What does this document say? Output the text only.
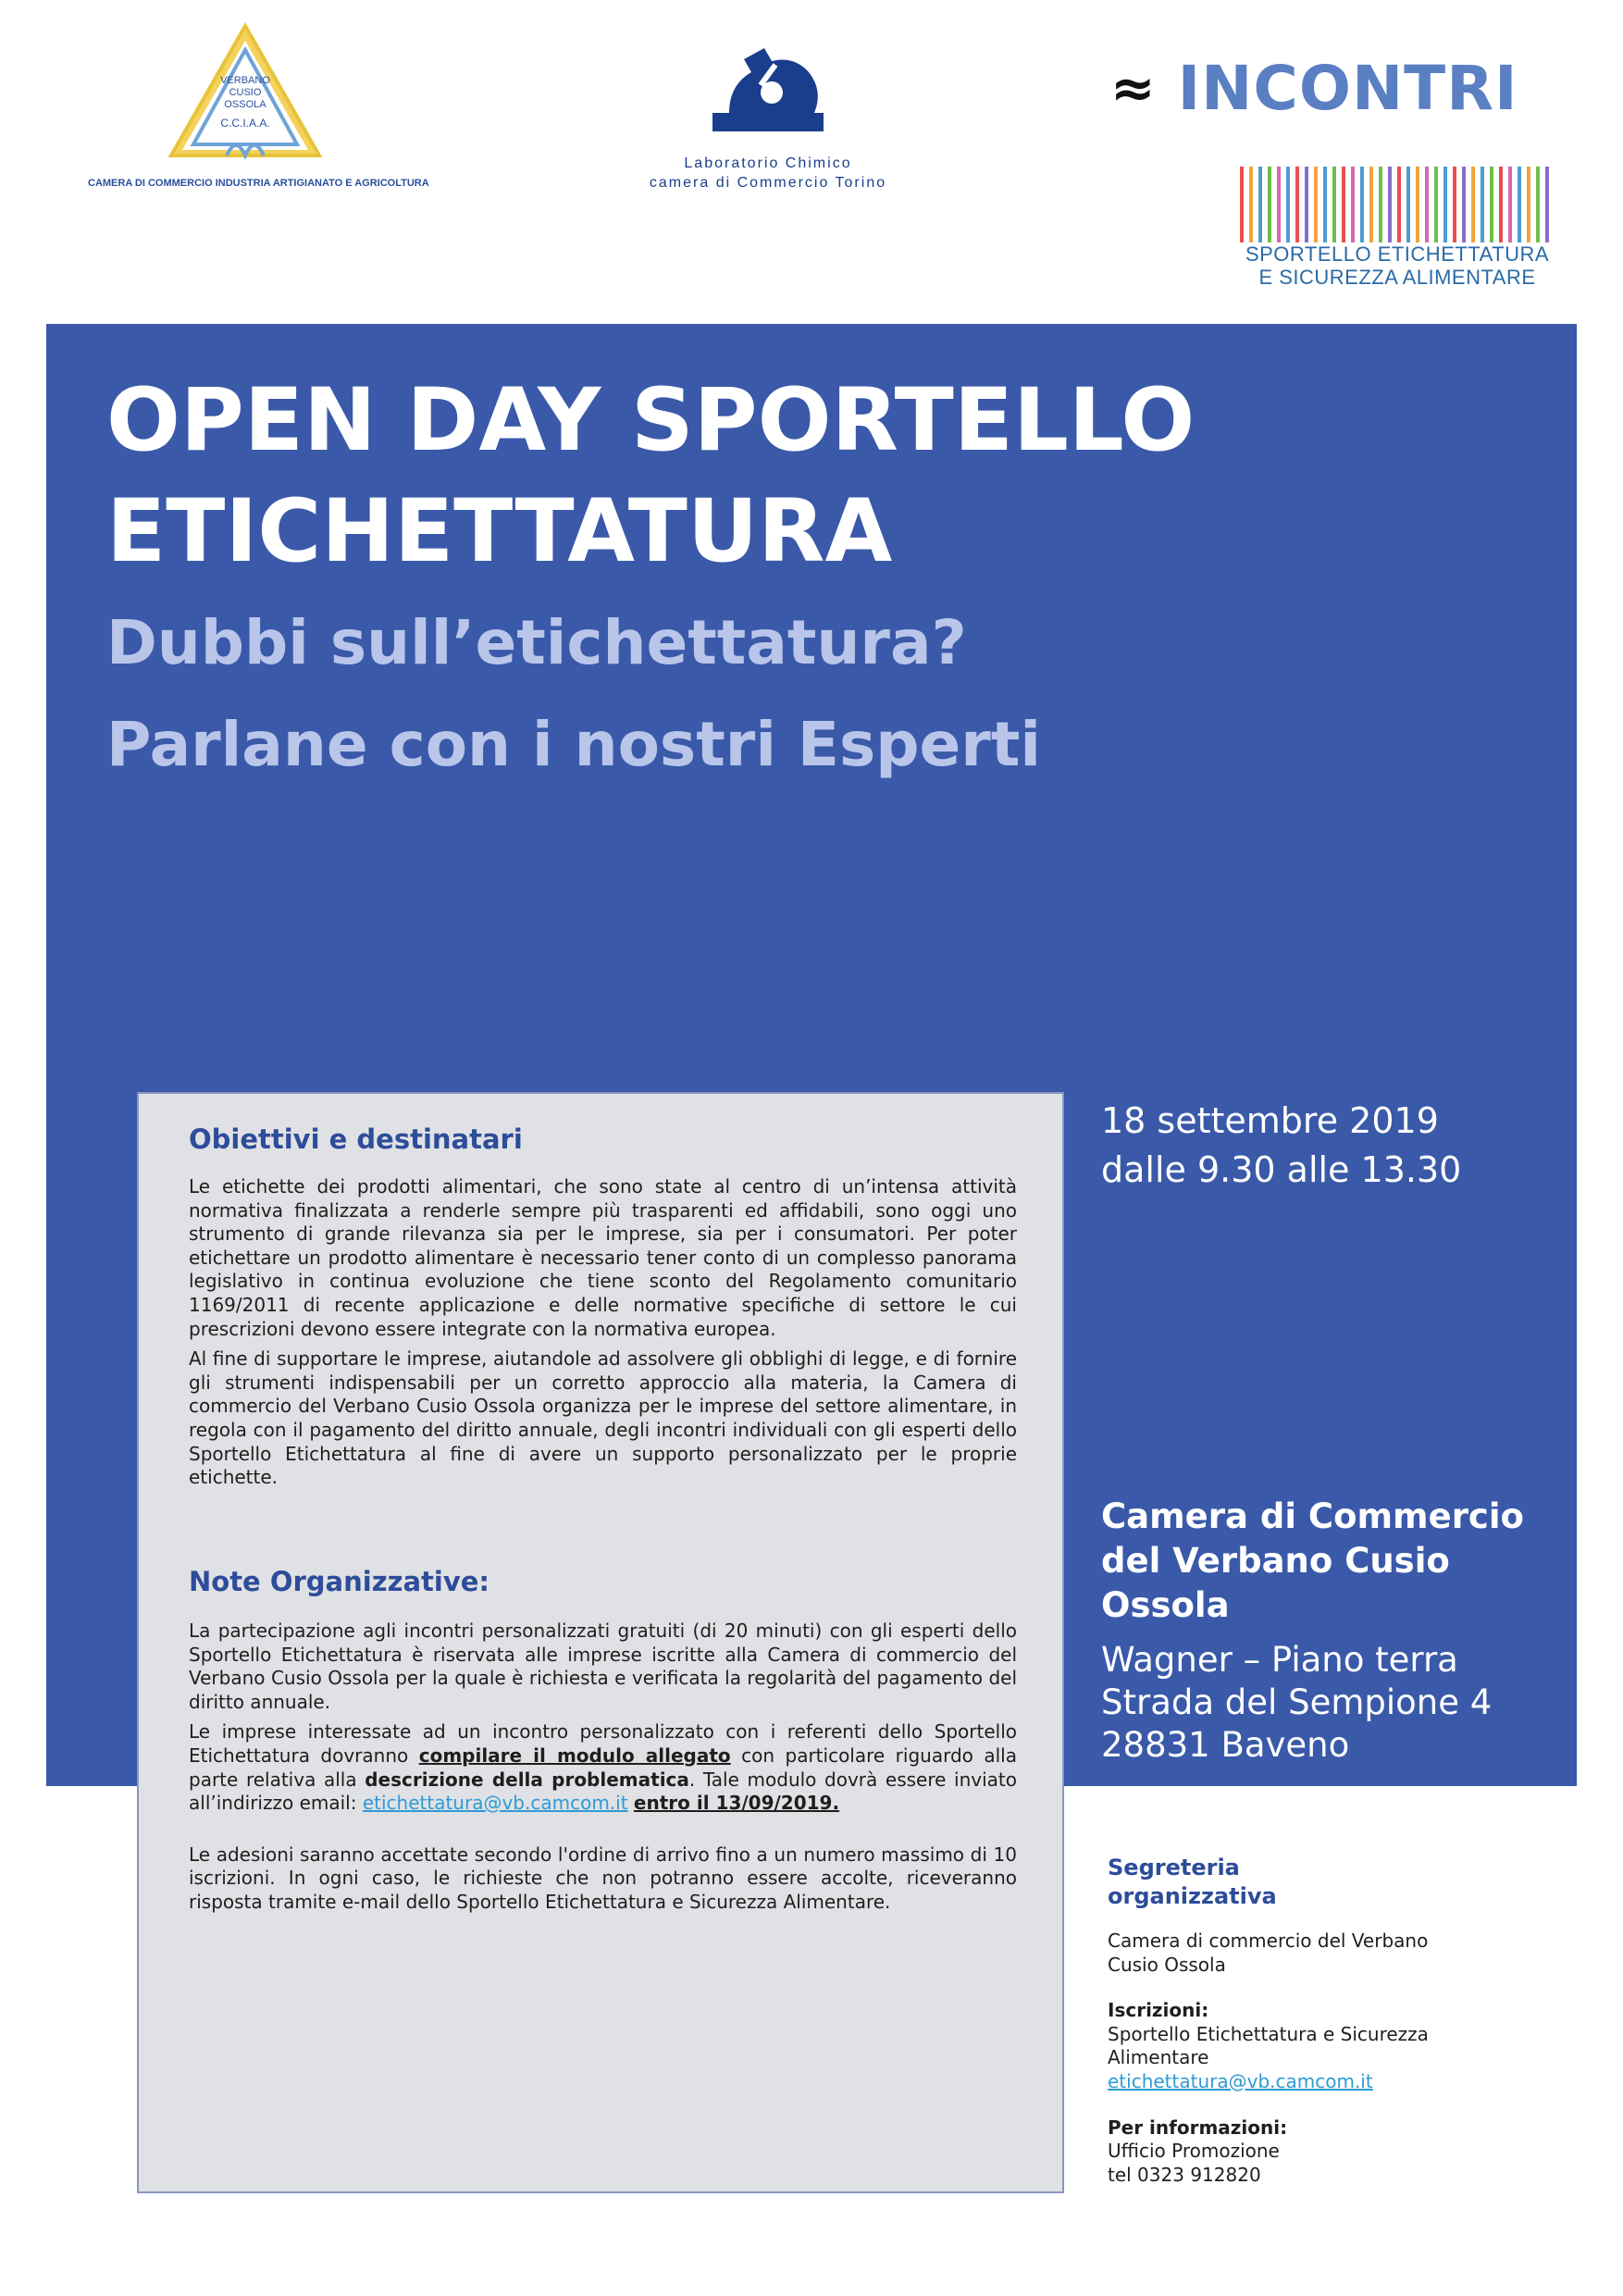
VERBANO
CUSIO
OSSOLA
C.C.I.A.A.
CAMERA DI COMMERCIO INDUSTRIA ARTIGIANATO E AGRICOLTURA
Laboratorio Chimico
camera di Commercio Torino
≈ INCONTRI
SPORTELLO ETICHETTATURA
E SICUREZZA ALIMENTARE
OPEN DAY SPORTELLO
ETICHETTATURA
Dubbi sull’etichettatura?
Parlane con i nostri Esperti
18 settembre 2019
dalle 9.30 alle 13.30
Camera di Commercio
del Verbano Cusio
Ossola
Wagner – Piano terra
Strada del Sempione 4
28831 Baveno
Obiettivi e destinatari

Le etichette dei prodotti alimentari, che sono state al centro di un’intensa attività normativa finalizzata a renderle sempre più trasparenti ed affidabili, sono oggi uno strumento di grande rilevanza sia per le imprese, sia per i consumatori. Per poter etichettare un prodotto alimentare è necessario tener conto di un complesso panorama legislativo in continua evoluzione che tiene sconto del Regolamento comunitario 1169/2011 di recente applicazione e delle normative specifiche di settore le cui prescrizioni devono essere integrate con la normativa europea.

Al fine di supportare le imprese, aiutandole ad assolvere gli obblighi di legge, e di fornire gli strumenti indispensabili per un corretto approccio alla materia, la Camera di commercio del Verbano Cusio Ossola organizza per le imprese del settore alimentare, in regola con il pagamento del diritto annuale, degli incontri individuali con gli esperti dello Sportello Etichettatura al fine di avere un supporto personalizzato per le proprie etichette.

Note Organizzative:

La partecipazione agli incontri personalizzati gratuiti (di 20 minuti) con gli esperti dello Sportello Etichettatura è riservata alle imprese iscritte alla Camera di commercio del Verbano Cusio Ossola per la quale è richiesta e verificata la regolarità del pagamento del diritto annuale.

Le imprese interessate ad un incontro personalizzato con i referenti dello Sportello Etichettatura dovranno compilare il modulo allegato con particolare riguardo alla parte relativa alla descrizione della problematica. Tale modulo dovrà essere inviato all’indirizzo email: etichettatura@vb.camcom.it entro il 13/09/2019.

Le adesioni saranno accettate secondo l'ordine di arrivo fino a un numero massimo di 10 iscrizioni. In ogni caso, le richieste che non potranno essere accolte, riceveranno risposta tramite e-mail dello Sportello Etichettatura e Sicurezza Alimentare.

Segreteria
organizzativa
Camera di commercio del Verbano
Cusio Ossola
Iscrizioni:
Sportello Etichettatura e Sicurezza
Alimentare
etichettatura@vb.camcom.it
Per informazioni:
Ufficio Promozione
tel 0323 912820
